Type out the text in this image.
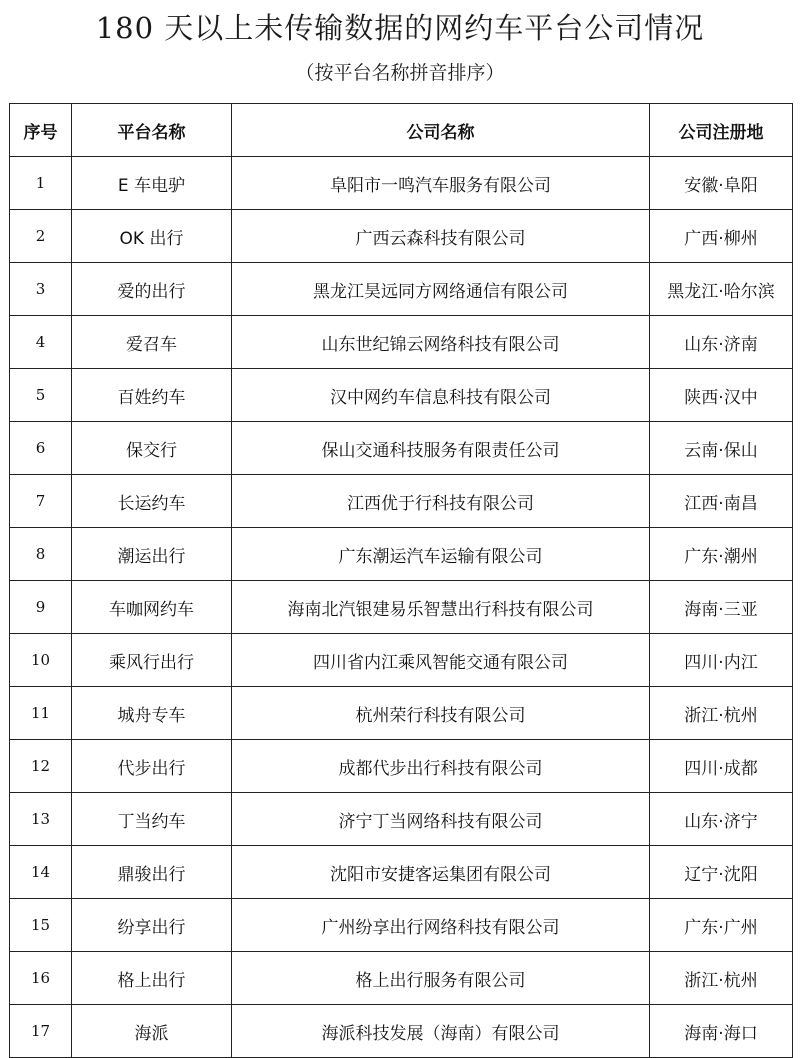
180 天以上未传输数据的网约车平台公司情况
（按平台名称拼音排序）
序号	平台名称	公司名称	公司注册地
1	E 车电驴	阜阳市一鸣汽车服务有限公司	安徽·阜阳
2	OK 出行	广西云森科技有限公司	广西·柳州
3	爱的出行	黑龙江昊远同方网络通信有限公司	黑龙江·哈尔滨
4	爱召车	山东世纪锦云网络科技有限公司	山东·济南
5	百姓约车	汉中网约车信息科技有限公司	陕西·汉中
6	保交行	保山交通科技服务有限责任公司	云南·保山
7	长运约车	江西优于行科技有限公司	江西·南昌
8	潮运出行	广东潮运汽车运输有限公司	广东·潮州
9	车咖网约车	海南北汽银建易乐智慧出行科技有限公司	海南·三亚
10	乘风行出行	四川省内江乘风智能交通有限公司	四川·内江
11	城舟专车	杭州荣行科技有限公司	浙江·杭州
12	代步出行	成都代步出行科技有限公司	四川·成都
13	丁当约车	济宁丁当网络科技有限公司	山东·济宁
14	鼎骏出行	沈阳市安捷客运集团有限公司	辽宁·沈阳
15	纷享出行	广州纷享出行网络科技有限公司	广东·广州
16	格上出行	格上出行服务有限公司	浙江·杭州
17	海派	海派科技发展（海南）有限公司	海南·海口
